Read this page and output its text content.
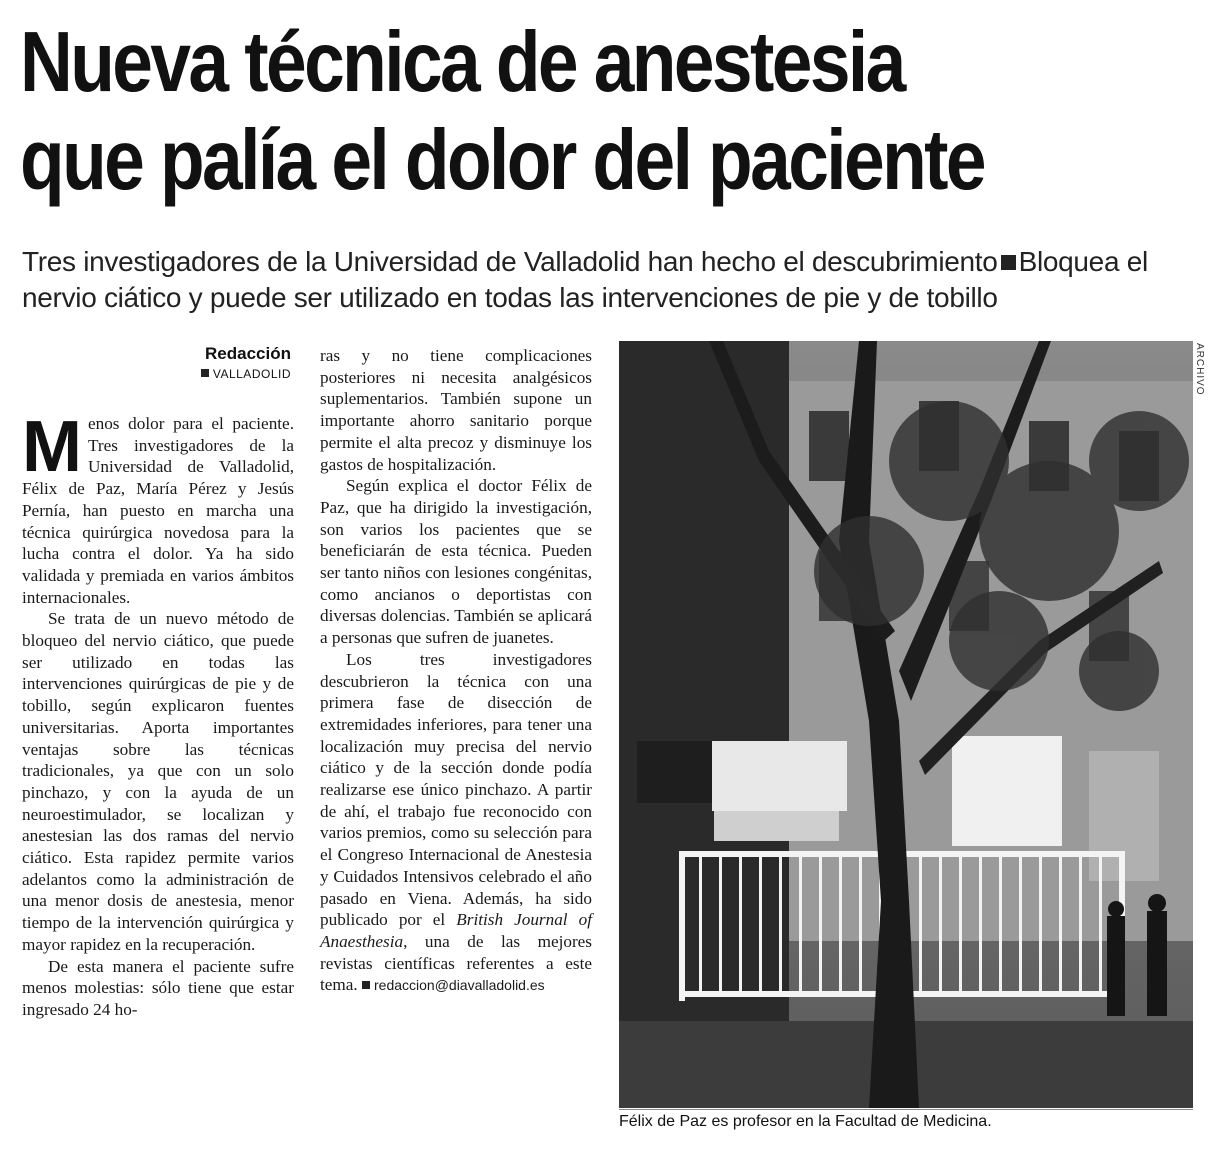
Nueva técnica de anestesia
que palía el dolor del paciente

Tres investigadores de la Universidad de Valladolid han hecho el descubrimiento Bloquea el nervio ciático y puede ser utilizado en todas las intervenciones de pie y de tobillo

Redacción
VALLADOLID

Menos dolor para el paciente. Tres investigadores de la Universidad de Valladolid, Félix de Paz, María Pérez y Jesús Pernía, han puesto en marcha una técnica quirúrgica novedosa para la lucha contra el dolor. Ya ha sido validada y premiada en varios ámbitos internacionales.

Se trata de un nuevo método de bloqueo del nervio ciático, que puede ser utilizado en todas las intervenciones quirúrgicas de pie y de tobillo, según explicaron fuentes universitarias. Aporta importantes ventajas sobre las técnicas tradicionales, ya que con un solo pinchazo, y con la ayuda de un neuroestimulador, se localizan y anestesian las dos ramas del nervio ciático. Esta rapidez permite varios adelantos como la administración de una menor dosis de anestesia, menor tiempo de la intervención quirúrgica y mayor rapidez en la recuperación.

De esta manera el paciente sufre menos molestias: sólo tiene que estar ingresado 24 ho-

ras y no tiene complicaciones posteriores ni necesita analgésicos suplementarios. También supone un importante ahorro sanitario porque permite el alta precoz y disminuye los gastos de hospitalización.

Según explica el doctor Félix de Paz, que ha dirigido la investigación, son varios los pacientes que se beneficiarán de esta técnica. Pueden ser tanto niños con lesiones congénitas, como ancianos o deportistas con diversas dolencias. También se aplicará a personas que sufren de juanetes.

Los tres investigadores descubrieron la técnica con una primera fase de disección de extremidades inferiores, para tener una localización muy precisa del nervio ciático y de la sección donde podía realizarse ese único pinchazo. A partir de ahí, el trabajo fue reconocido con varios premios, como su selección para el Congreso Internacional de Anestesia y Cuidados Intensivos celebrado el año pasado en Viena. Además, ha sido publicado por el British Journal of Anaesthesia, una de las mejores revistas científicas referentes a este tema. redaccion@diavalladolid.es

ARCHIVO
Félix de Paz es profesor en la Facultad de Medicina.
